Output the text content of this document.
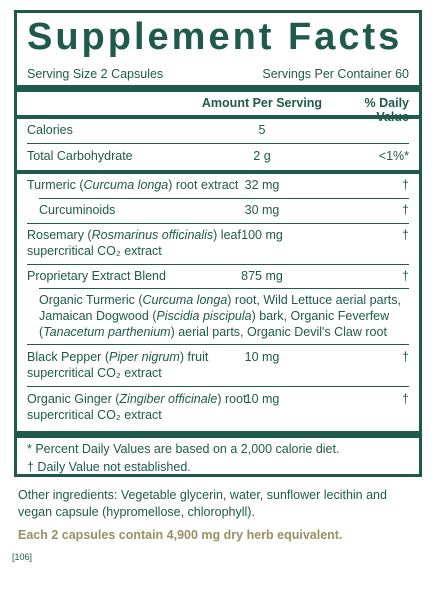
Supplement Facts
Serving Size 2 Capsules	Servings Per Container 60
Amount Per Serving	% Daily
Calories	5
Total Carbohydrate	2 g	<1%*
Turmeric (Curcuma longa) root extract 32 mg	†
Curcuminoids	30 mg	†
Rosemary (Rosmarinus officinalis) leaf
supercritical CO₂ extract
100 mg	†
Proprietary Extract Blend	875 mg	†
Organic Turmeric (Curcuma longa) root, Wild Lettuce aerial parts, Jamaican Dogwood (Piscidia piscipula) bark, Organic Feverfew (Tanacetum parthenium) aerial parts, Organic Devil's Claw root
Black Pepper (Piper nigrum) fruit
supercritical CO₂ extract
10 mg	†
Organic Ginger (Zingiber officinale) root
supercritical CO₂ extract
10 mg	†
* Percent Daily Values are based on a 2,000 calorie diet.
† Daily Value not established.
Other ingredients: Vegetable glycerin, water, sunflower lecithin and vegan capsule (hypromellose, chlorophyll).
Each 2 capsules contain 4,900 mg dry herb equivalent.
[106]
